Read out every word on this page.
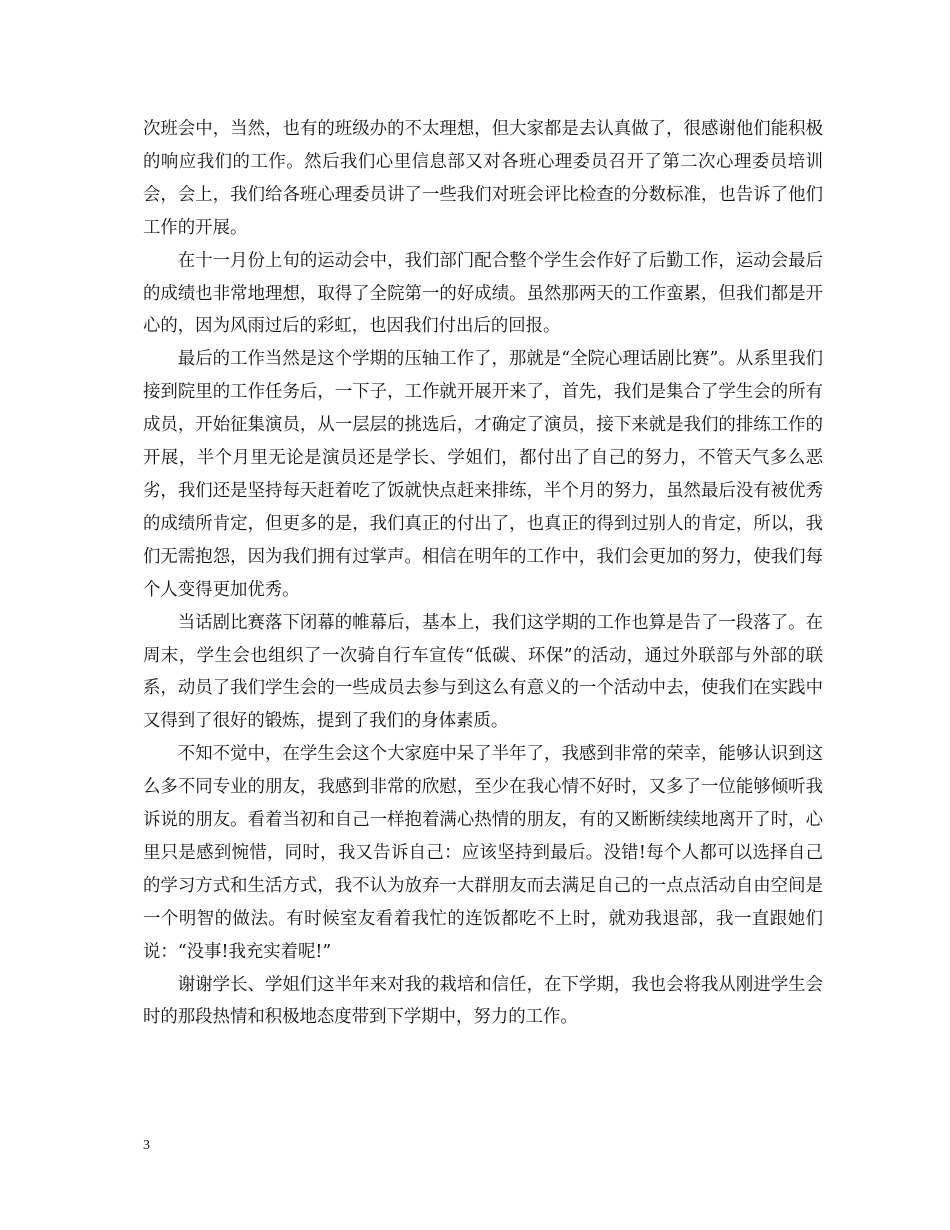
次班会中，当然，也有的班级办的不太理想，但大家都是去认真做了，很感谢他们能积极的响应我们的工作。然后我们心里信息部又对各班心理委员召开了第二次心理委员培训会，会上，我们给各班心理委员讲了一些我们对班会评比检查的分数标准，也告诉了他们工作的开展。

在十一月份上旬的运动会中，我们部门配合整个学生会作好了后勤工作，运动会最后的成绩也非常地理想，取得了全院第一的好成绩。虽然那两天的工作蛮累，但我们都是开心的，因为风雨过后的彩虹，也因我们付出后的回报。

最后的工作当然是这个学期的压轴工作了，那就是“全院心理话剧比赛”。从系里我们接到院里的工作任务后，一下子，工作就开展开来了，首先，我们是集合了学生会的所有成员，开始征集演员，从一层层的挑选后，才确定了演员，接下来就是我们的排练工作的开展，半个月里无论是演员还是学长、学姐们，都付出了自己的努力，不管天气多么恶劣，我们还是坚持每天赶着吃了饭就快点赶来排练，半个月的努力，虽然最后没有被优秀的成绩所肯定，但更多的是，我们真正的付出了，也真正的得到过别人的肯定，所以，我们无需抱怨，因为我们拥有过掌声。相信在明年的工作中，我们会更加的努力，使我们每个人变得更加优秀。

当话剧比赛落下闭幕的帷幕后，基本上，我们这学期的工作也算是告了一段落了。在周末，学生会也组织了一次骑自行车宣传“低碳、环保”的活动，通过外联部与外部的联系，动员了我们学生会的一些成员去参与到这么有意义的一个活动中去，使我们在实践中又得到了很好的锻炼，提到了我们的身体素质。

不知不觉中，在学生会这个大家庭中呆了半年了，我感到非常的荣幸，能够认识到这么多不同专业的朋友，我感到非常的欣慰，至少在我心情不好时，又多了一位能够倾听我诉说的朋友。看着当初和自己一样抱着满心热情的朋友，有的又断断续续地离开了时，心里只是感到惋惜，同时，我又告诉自己：应该坚持到最后。没错!每个人都可以选择自己的学习方式和生活方式，我不认为放弃一大群朋友而去满足自己的一点点活动自由空间是一个明智的做法。有时候室友看着我忙的连饭都吃不上时，就劝我退部，我一直跟她们说：“没事!我充实着呢!”

谢谢学长、学姐们这半年来对我的栽培和信任，在下学期，我也会将我从刚进学生会时的那段热情和积极地态度带到下学期中，努力的工作。

3
